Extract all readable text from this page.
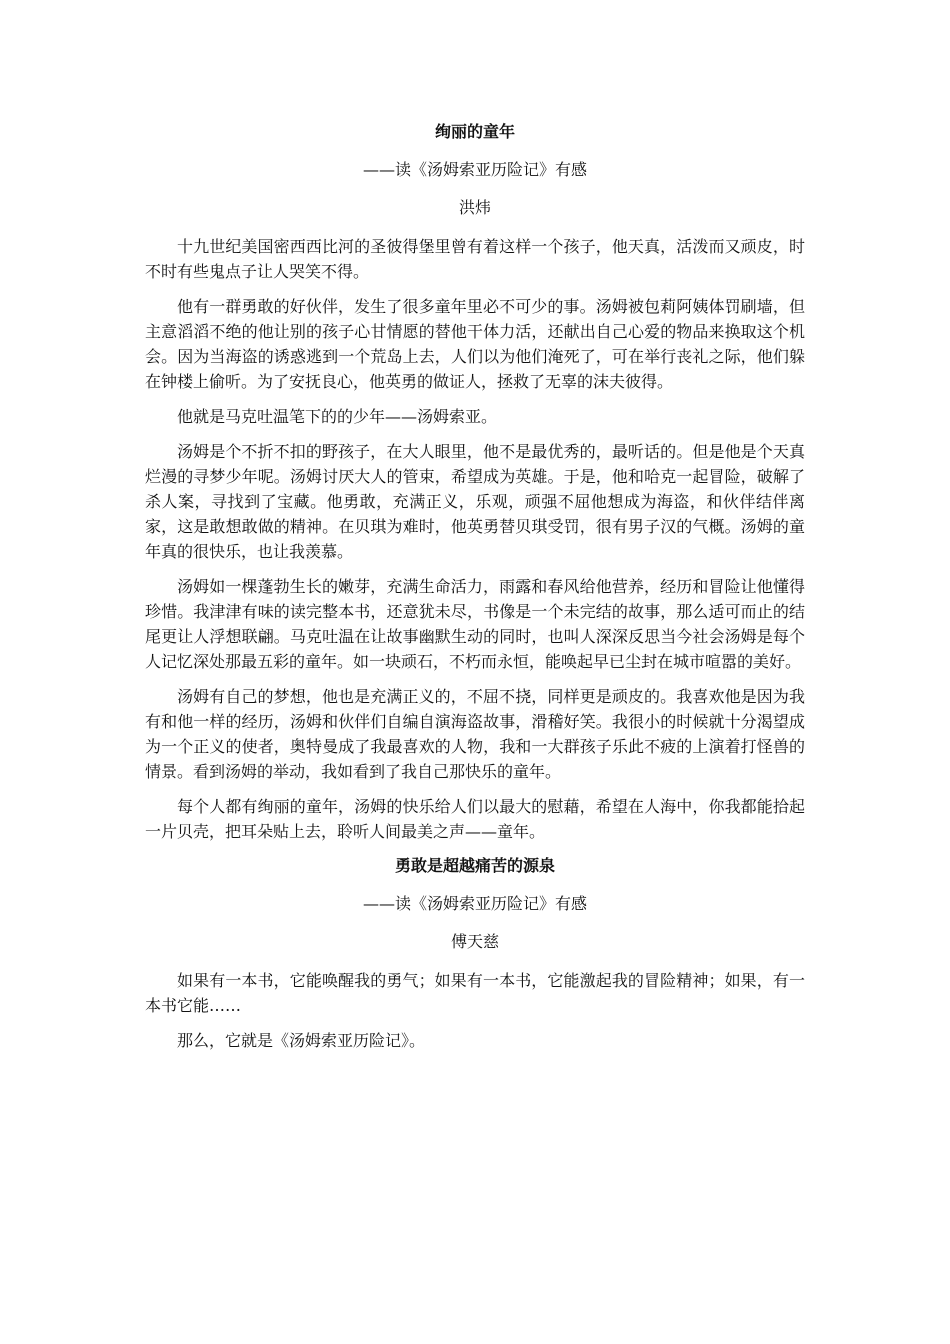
绚丽的童年
——读《汤姆索亚历险记》有感
洪炜

十九世纪美国密西西比河的圣彼得堡里曾有着这样一个孩子，他天真，活泼而又顽皮，时不时有些鬼点子让人哭笑不得。

他有一群勇敢的好伙伴，发生了很多童年里必不可少的事。汤姆被包莉阿姨体罚刷墙，但主意滔滔不绝的他让别的孩子心甘情愿的替他干体力活，还献出自己心爱的物品来换取这个机会。因为当海盗的诱惑逃到一个荒岛上去，人们以为他们淹死了，可在举行丧礼之际，他们躲在钟楼上偷听。为了安抚良心，他英勇的做证人，拯救了无辜的沫夫彼得。

他就是马克吐温笔下的的少年——汤姆索亚。

汤姆是个不折不扣的野孩子，在大人眼里，他不是最优秀的，最听话的。但是他是个天真烂漫的寻梦少年呢。汤姆讨厌大人的管束，希望成为英雄。于是，他和哈克一起冒险，破解了杀人案，寻找到了宝藏。他勇敢，充满正义，乐观，顽强不屈他想成为海盗，和伙伴结伴离家，这是敢想敢做的精神。在贝琪为难时，他英勇替贝琪受罚，很有男子汉的气概。汤姆的童年真的很快乐，也让我羡慕。

汤姆如一棵蓬勃生长的嫩芽，充满生命活力，雨露和春风给他营养，经历和冒险让他懂得珍惜。我津津有味的读完整本书，还意犹未尽，书像是一个未完结的故事，那么适可而止的结尾更让人浮想联翩。马克吐温在让故事幽默生动的同时，也叫人深深反思当今社会汤姆是每个人记忆深处那最五彩的童年。如一块顽石，不朽而永恒，能唤起早已尘封在城市喧嚣的美好。

汤姆有自己的梦想，他也是充满正义的，不屈不挠，同样更是顽皮的。我喜欢他是因为我有和他一样的经历，汤姆和伙伴们自编自演海盗故事，滑稽好笑。我很小的时候就十分渴望成为一个正义的使者，奥特曼成了我最喜欢的人物，我和一大群孩子乐此不疲的上演着打怪兽的情景。看到汤姆的举动，我如看到了我自己那快乐的童年。

每个人都有绚丽的童年，汤姆的快乐给人们以最大的慰藉，希望在人海中，你我都能拾起一片贝壳，把耳朵贴上去，聆听人间最美之声——童年。

勇敢是超越痛苦的源泉
——读《汤姆索亚历险记》有感
傅天慈

如果有一本书，它能唤醒我的勇气；如果有一本书，它能激起我的冒险精神；如果，有一本书它能……

那么，它就是《汤姆索亚历险记》。
